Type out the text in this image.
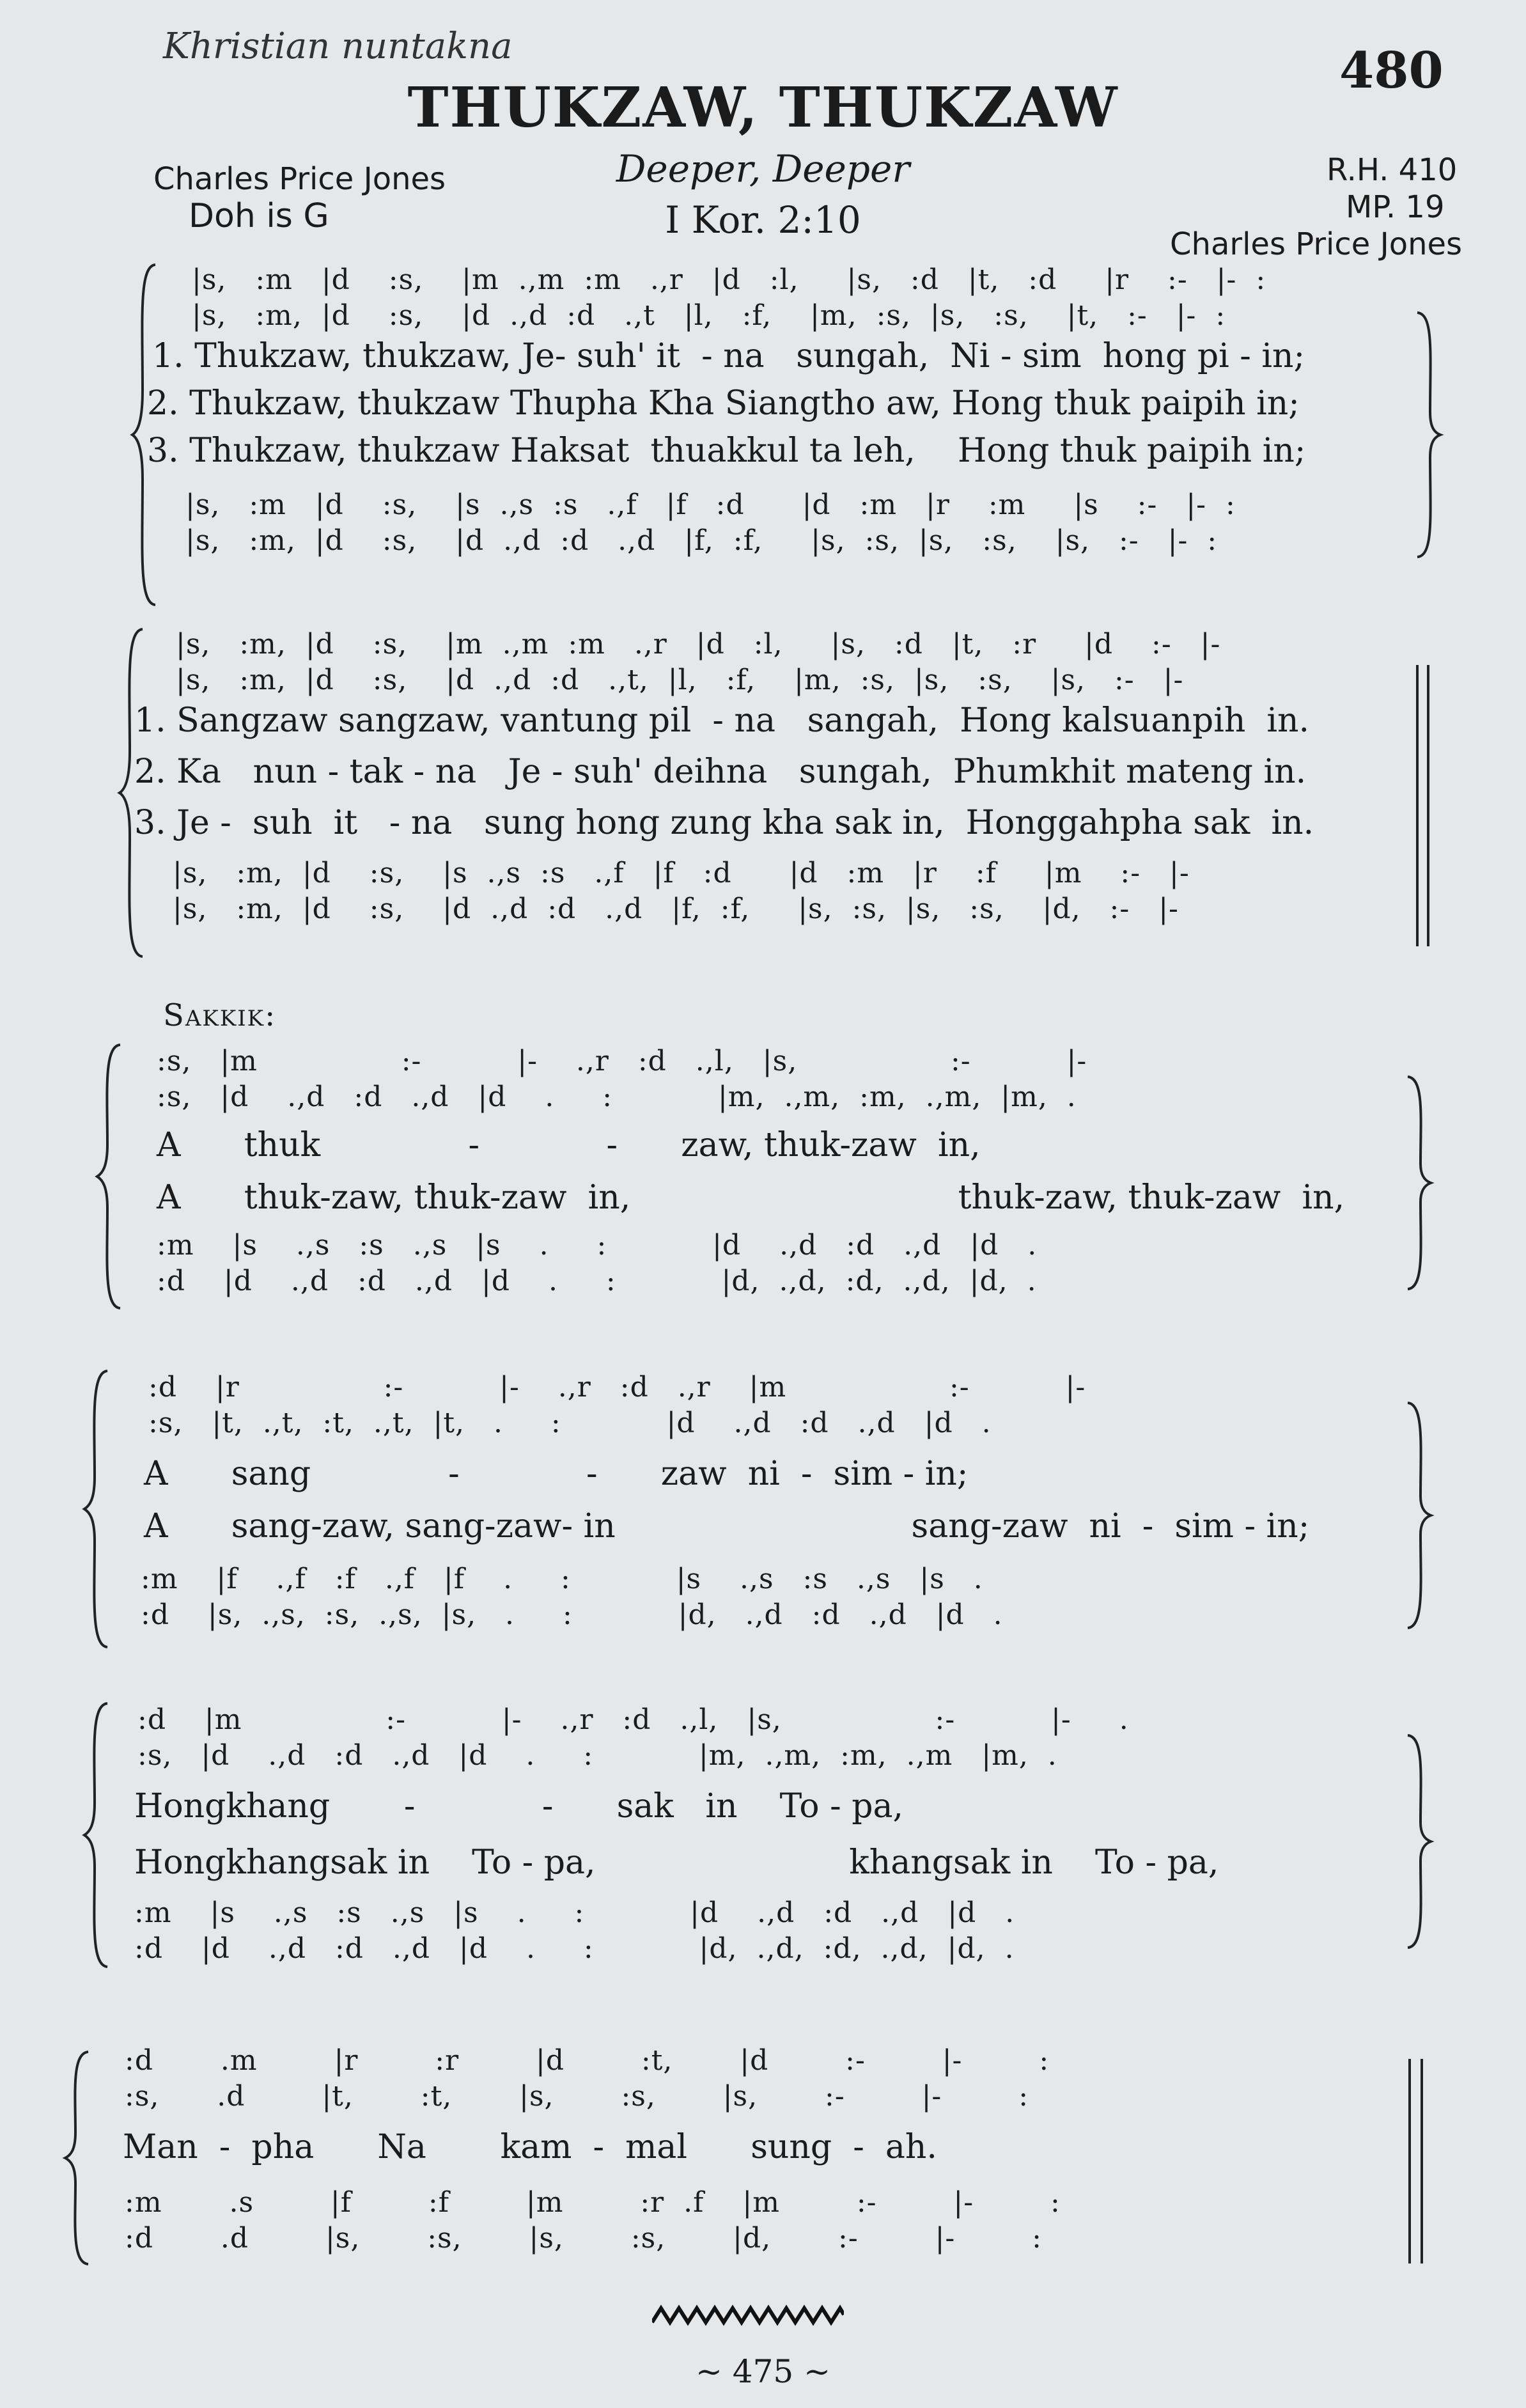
Khristian nuntakna	480
THUKZAW, THUKZAW
Deeper, Deeper
Charles Price Jones
Doh is G	I Kor. 2:10
R.H. 410
MP. 19
Charles Price Jones
|s,   :m   |d    :s,    |m  .,m  :m   .,r   |d   :l,     |s,   :d   |t,   :d     |r    :-   |-  :
|s,   :m,  |d    :s,    |d  .,d  :d   .,t   |l,   :f,    |m,  :s,  |s,   :s,    |t,   :-   |-  :
1. Thukzaw, thukzaw, Je- suh' it  - na   sungah,  Ni - sim  hong pi - in;
2. Thukzaw, thukzaw Thupha Kha Siangtho aw, Hong thuk paipih in;
3. Thukzaw, thukzaw Haksat  thuakkul ta leh,    Hong thuk paipih in;
|s,   :m   |d    :s,    |s  .,s  :s   .,f   |f   :d      |d   :m   |r    :m     |s    :-   |-  :
|s,   :m,  |d    :s,    |d  .,d  :d   .,d   |f,  :f,     |s,  :s,  |s,   :s,    |s,   :-   |-  :
|s,   :m,  |d    :s,    |m  .,m  :m   .,r   |d   :l,     |s,   :d   |t,   :r     |d    :-   |-
|s,   :m,  |d    :s,    |d  .,d  :d   .,t,  |l,   :f,    |m,  :s,  |s,   :s,    |s,   :-   |-
1. Sangzaw sangzaw, vantung pil  - na   sangah,  Hong kalsuanpih  in.
2. Ka   nun - tak - na   Je - suh' deihna   sungah,  Phumkhit mateng in.
3. Je -  suh  it   - na   sung hong zung kha sak in,  Honggahpha sak  in.
|s,   :m,  |d    :s,    |s  .,s  :s   .,f   |f   :d      |d   :m   |r    :f     |m    :-   |-
|s,   :m,  |d    :s,    |d  .,d  :d   .,d   |f,  :f,     |s,  :s,  |s,   :s,    |d,   :-   |-
Sakkik:
:s,   |m               :-          |-    .,r   :d   .,l,   |s,                :-          |-
:s,   |d    .,d   :d   .,d   |d    .     :           |m,  .,m,  :m,  .,m,  |m,  .
A      thuk              -            -      zaw, thuk-zaw  in,
A      thuk-zaw, thuk-zaw  in,                               thuk-zaw, thuk-zaw  in,
:m    |s    .,s   :s   .,s   |s    .     :           |d    .,d   :d   .,d   |d   .
:d    |d    .,d   :d   .,d   |d    .     :           |d,  .,d,  :d,  .,d,  |d,  .
:d    |r               :-          |-    .,r   :d   .,r    |m                 :-          |-
:s,   |t,  .,t,  :t,  .,t,  |t,   .     :           |d    .,d   :d   .,d   |d   .
A      sang             -            -      zaw  ni  -  sim - in;
A      sang-zaw, sang-zaw- in                            sang-zaw  ni  -  sim - in;
:m    |f    .,f   :f   .,f   |f    .     :           |s    .,s   :s   .,s   |s   .
:d    |s,  .,s,  :s,  .,s,  |s,   .     :           |d,   .,d   :d   .,d   |d   .
:d    |m               :-          |-    .,r   :d   .,l,   |s,                :-          |-     .
:s,   |d    .,d   :d   .,d   |d    .     :           |m,  .,m,  :m,  .,m   |m,  .
Hongkhang       -            -      sak   in    To - pa,
Hongkhangsak in    To - pa,                        khangsak in    To - pa,
:m    |s    .,s   :s   .,s   |s    .     :           |d    .,d   :d   .,d   |d   .
:d    |d    .,d   :d   .,d   |d    .     :           |d,  .,d,  :d,  .,d,  |d,  .
:d       .m        |r        :r        |d        :t,       |d        :-        |-        :
:s,      .d        |t,       :t,       |s,       :s,       |s,       :-        |-        :
Man  -  pha      Na       kam  -  mal      sung  -  ah.
:m       .s        |f        :f        |m        :r  .f    |m        :-        |-        :
:d       .d        |s,       :s,       |s,       :s,       |d,       :-        |-        :
~ 475 ~
